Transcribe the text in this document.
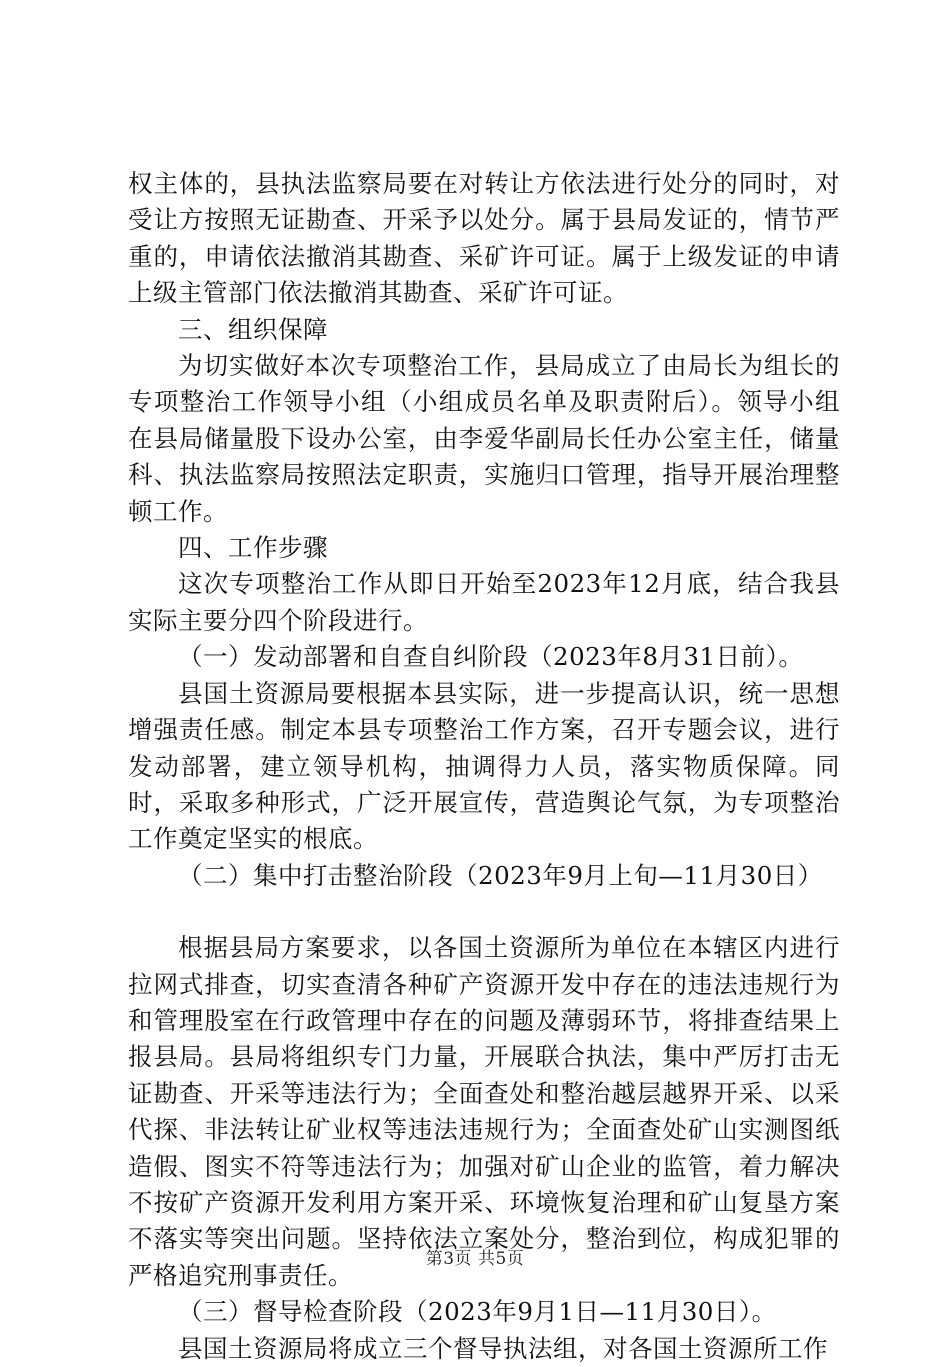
权主体的，县执法监察局要在对转让方依法进行处分的同时，对受让方按照无证勘查、开采予以处分。属于县局发证的，情节严重的，申请依法撤消其勘查、采矿许可证。属于上级发证的申请上级主管部门依法撤消其勘查、采矿许可证。

三、组织保障

为切实做好本次专项整治工作，县局成立了由局长为组长的专项整治工作领导小组（小组成员名单及职责附后）。领导小组在县局储量股下设办公室，由李爱华副局长任办公室主任，储量科、执法监察局按照法定职责，实施归口管理，指导开展治理整顿工作。

四、工作步骤

这次专项整治工作从即日开始至2023年12月底，结合我县实际主要分四个阶段进行。

（一）发动部署和自查自纠阶段（2023年8月31日前）。

县国土资源局要根据本县实际，进一步提高认识，统一思想增强责任感。制定本县专项整治工作方案，召开专题会议，进行发动部署，建立领导机构，抽调得力人员，落实物质保障。同时，采取多种形式，广泛开展宣传，营造舆论气氛，为专项整治工作奠定坚实的根底。

（二）集中打击整治阶段（2023年9月上旬—11月30日）

根据县局方案要求，以各国土资源所为单位在本辖区内进行拉网式排查，切实查清各种矿产资源开发中存在的违法违规行为和管理股室在行政管理中存在的问题及薄弱环节，将排查结果上报县局。县局将组织专门力量，开展联合执法，集中严厉打击无证勘查、开采等违法行为；全面查处和整治越层越界开采、以采代探、非法转让矿业权等违法违规行为；全面查处矿山实测图纸造假、图实不符等违法行为；加强对矿山企业的监管，着力解决不按矿产资源开发利用方案开采、环境恢复治理和矿山复垦方案不落实等突出问题。坚持依法立案处分，整治到位，构成犯罪的严格追究刑事责任。

（三）督导检查阶段（2023年9月1日—11月30日）。

县国土资源局将成立三个督导执法组，对各国土资源所工作

第3页 共5页
